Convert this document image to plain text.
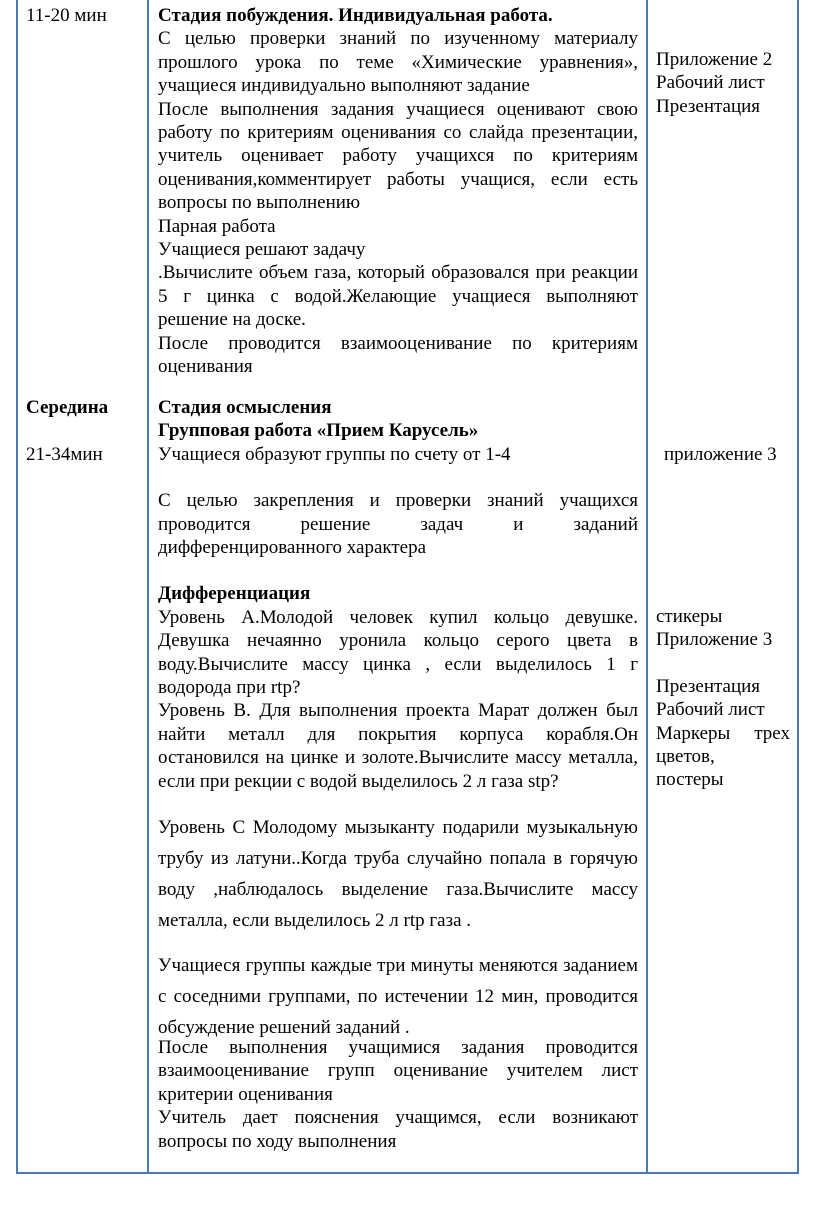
11-20 мин
Середина
21-34мин

Стадия побуждения. Индивидуальная работа.

С целью проверки знаний по изученному материалу прошлого урока по теме «Химические уравнения», учащиеся индивидуально выполняют задание

После выполнения задания учащиеся оценивают свою работу по критериям оценивания со слайда презентации, учитель оценивает работу учащихся по критериям оценивания,комментирует работы учащися, если есть вопросы по выполнению

Парная работа

Учащиеся решают задачу

.Вычислите объем газа, который образовался при реакции 5 г цинка с водой.Желающие учащиеся выполняют решение на доске.

После проводится взаимооценивание по критериям оценивания

Стадия осмысления

Групповая работа «Прием Карусель»

Учащиеся образуют группы по счету от 1-4

С целью закрепления и проверки знаний учащихся проводится решение задач и заданий дифференцированного характера

Дифференциация

Уровень А.Молодой человек купил кольцо девушке. Девушка нечаянно уронила кольцо серого цвета в воду.Вычислите массу цинка , если выделилось 1 г водорода при rtp?

Уровень В. Для выполнения проекта Марат должен был найти металл для покрытия корпуса корабля.Он остановился на цинке и золоте.Вычислите массу металла, если при рекции с водой выделилось 2 л газа stp?

Уровень С Молодому мызыканту подарили музыкальную трубу из латуни..Когда труба случайно попала в горячую воду ,наблюдалось выделение газа.Вычислите массу металла, если выделилось 2 л rtp газа .

Учащиеся группы каждые три минуты меняются заданием с соседними группами, по истечении 12 мин, проводится обсуждение решений заданий .

После выполнения учащимися задания проводится взаимооценивание групп оценивание учителем лист критерии оценивания

Учитель дает пояснения учащимся, если возникают вопросы по ходу выполнения

Приложение 2

Рабочий лист

Презентация

приложение 3

стикеры

Приложение 3

Презентация

Рабочий лист

Маркеры трех цветов,

постеры
